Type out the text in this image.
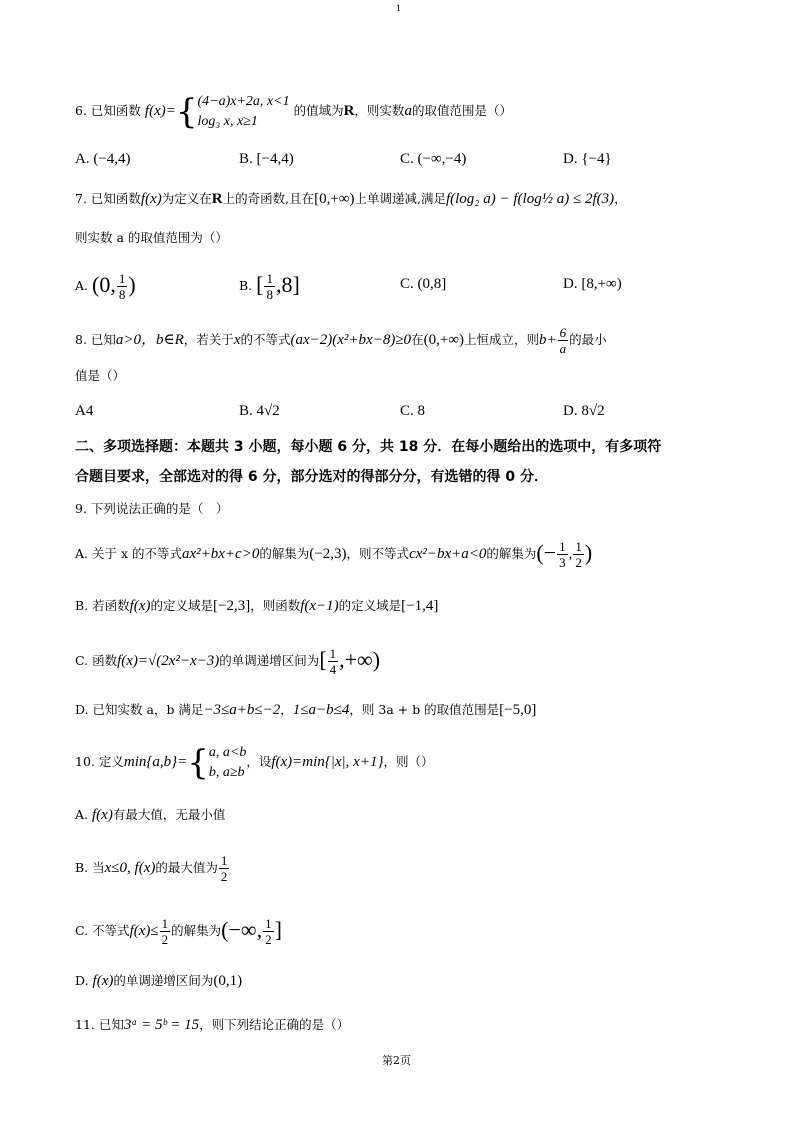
1
6. 已知函数 f(x)={ (4−a)x+2a, x<1
log₃ x, x≥1
的值域为R，则实数a的取值范围是（）
A. (−4,4)	B. [−4,4)	C. (−∞,−4)	D. {−4}
7. 已知函数f(x)为定义在R上的奇函数,且在[0,+∞)上单调递减,满足f(log₂ a) − f(log½ a) ≤ 2f(3)，
则实数 a 的取值范围为（）
A. (0, $\frac{1}{8}$ )	B. [ $\frac{1}{8} ,8$]	C. (0,8]	D. [8,+∞)
8. 已知a>0，b∈R，若关于x的不等式(ax−2)(x²+bx−8)≥0在(0,+∞)上恒成立，则$b+ \frac{6}{a}$ 的最小
值是（）
A4	B. 4√2	C. 8	D. 8√2
二、多项选择题：本题共 3 小题，每小题 6 分，共 18 分．在每小题给出的选项中，有多项符
合题目要求，全部选对的得 6 分，部分选对的得部分分，有选错的得 0 分．
9. 下列说法正确的是（　）
A. 关于 x 的不等式ax²+bx+c>0的解集为(−2,3)，则不等式cx²−bx+a<0的解集为(− $\frac{1}{3}$ , $\frac{1}{2}$ )
B. 若函数f(x)的定义域是[−2,3]，则函数f(x−1)的定义域是[−1,4]
C. 函数f(x)=√(2x²−x−3)的单调递增区间为[ $\frac{1}{4}$ ,+∞)
D. 已知实数 a，b 满足−3≤a+b≤−2，1≤a−b≤4，则 3a + b 的取值范围是[−5,0]
10. 定义min{a,b}={ a, a<b
b, a≥b
，设f(x)=min{|x|, x+1}，则（）
A. f(x)有最大值，无最小值
B. 当x≤0, f(x)的最大值为 $\frac{1}{2}$
C. 不等式$f(x)\le \frac{1}{2}$ 的解集为(−∞, $\frac{1}{2}$ ]
D. f(x)的单调递增区间为(0,1)
11. 已知3ᵃ = 5ᵇ = 15，则下列结论正确的是（）
第2页
